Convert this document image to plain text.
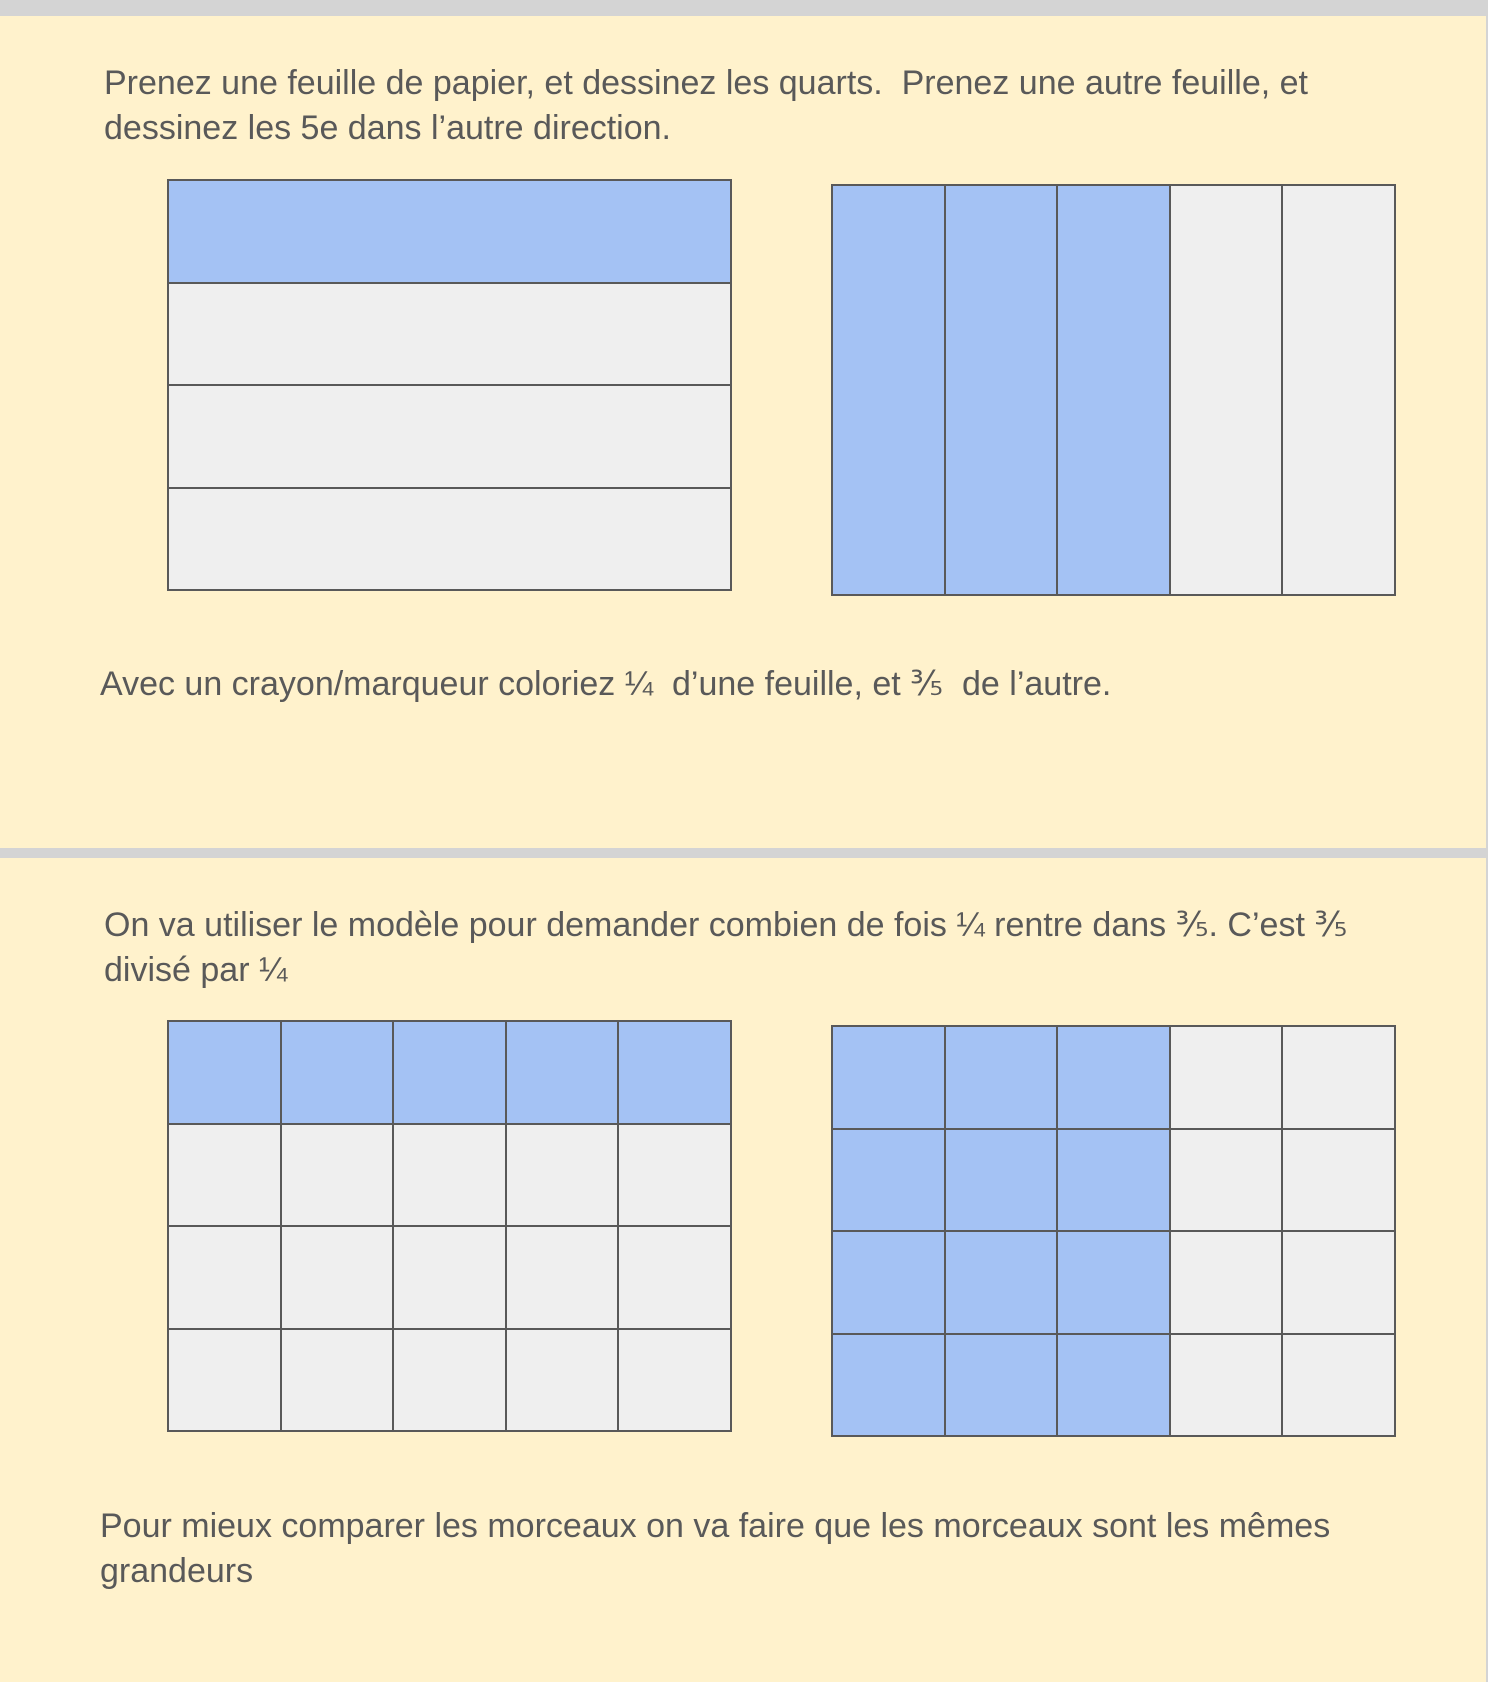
Prenez une feuille de papier, et dessinez les quarts.  Prenez une autre feuille, et dessinez les 5e dans l’autre direction.

Avec un crayon/marqueur coloriez ¼  d’une feuille, et ⅗  de l’autre.

On va utiliser le modèle pour demander combien de fois ¼ rentre dans ⅗. C’est ⅗ divisé par ¼

Pour mieux comparer les morceaux on va faire que les morceaux sont les mêmes grandeurs
